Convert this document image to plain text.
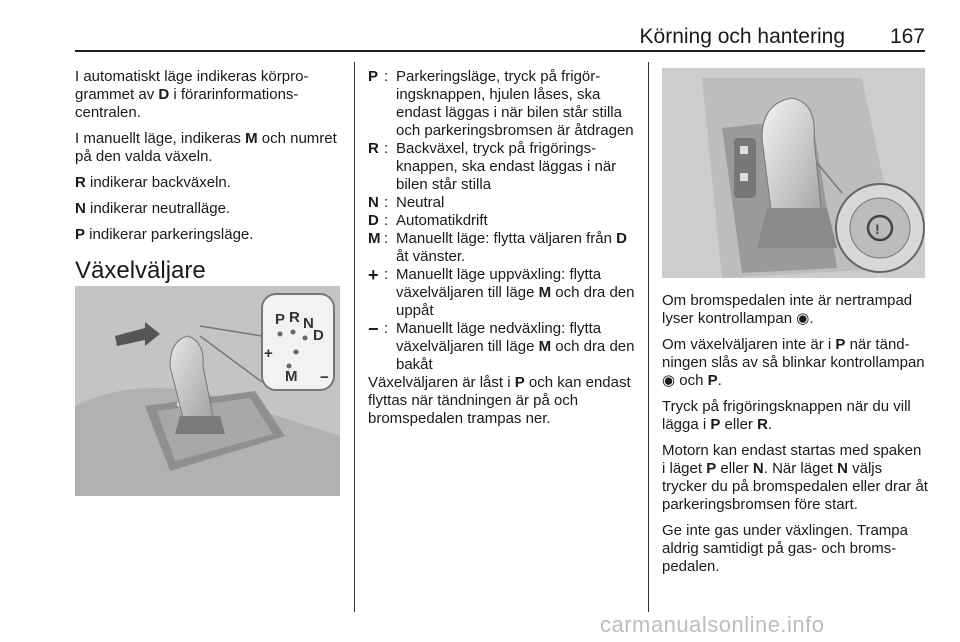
Körning och hantering 167

I automatiskt läge indikeras körpro-grammet av D i förarinformations-centralen.

I manuellt läge, indikeras M och numret på den valda växeln.

R indikerar backväxeln.

N indikerar neutralläge.

P indikerar parkeringsläge.

Växelväljare
P R N
D
M
+
−
P : Parkeringsläge, tryck på frigör-ingsknappen, hjulen låses, ska endast läggas i när bilen står stilla och parkeringsbromsen är åtdragen
R : Backväxel, tryck på frigörings-knappen, ska endast läggas i när bilen står stilla
N : Neutral
D : Automatikdrift
M : Manuellt läge: flytta väljaren från D åt vänster.
+ : Manuellt läge uppväxling: flytta växelväljaren till läge M och dra den uppåt
− : Manuellt läge nedväxling: flytta växelväljaren till läge M och dra den bakåt

Växelväljaren är låst i P och kan endast flyttas när tändningen är på och bromspedalen trampas ner.

!

Om bromspedalen inte är nertrampad lyser kontrollampan ◉.

Om växelväljaren inte är i P när tänd-ningen slås av så blinkar kontrollampan ◉ och P.

Tryck på frigöringsknappen när du vill lägga i P eller R.

Motorn kan endast startas med spaken i läget P eller N. När läget N väljs trycker du på bromspedalen eller drar åt parkeringsbromsen före start.

Ge inte gas under växlingen. Trampa aldrig samtidigt på gas- och broms-pedalen.

carmanualsonline.info
